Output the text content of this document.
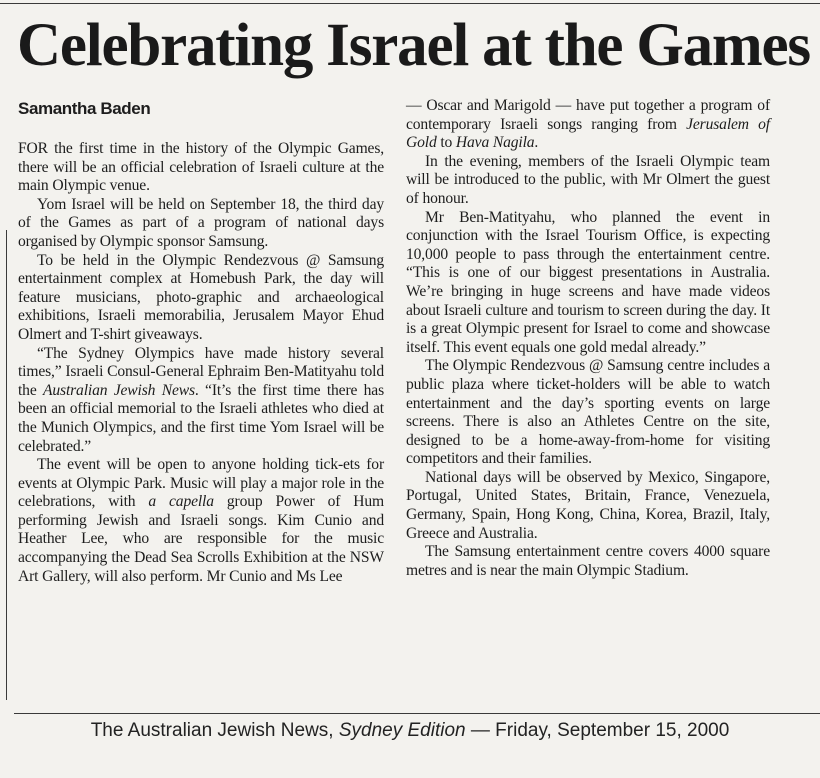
Celebrating Israel at the Games
Samantha Baden

FOR the first time in the history of the Olympic Games, there will be an official celebration of Israeli culture at the main Olympic venue.

Yom Israel will be held on September 18, the third day of the Games as part of a program of national days organised by Olympic sponsor Samsung.

To be held in the Olympic Rendezvous @ Samsung entertainment complex at Homebush Park, the day will feature musicians, photo-graphic and archaeological exhibitions, Israeli memorabilia, Jerusalem Mayor Ehud Olmert and T-shirt giveaways.

“The Sydney Olympics have made history several times,” Israeli Consul-General Ephraim Ben-Matityahu told the Australian Jewish News. “It’s the first time there has been an official memorial to the Israeli athletes who died at the Munich Olympics, and the first time Yom Israel will be celebrated.”

The event will be open to anyone holding tick-ets for events at Olympic Park. Music will play a major role in the celebrations, with a capella group Power of Hum performing Jewish and Israeli songs. Kim Cunio and Heather Lee, who are responsible for the music accompanying the Dead Sea Scrolls Exhibition at the NSW Art Gallery, will also perform. Mr Cunio and Ms Lee

— Oscar and Marigold — have put together a program of contemporary Israeli songs ranging from Jerusalem of Gold to Hava Nagila.

In the evening, members of the Israeli Olympic team will be introduced to the public, with Mr Olmert the guest of honour.

Mr Ben-Matityahu, who planned the event in conjunction with the Israel Tourism Office, is expecting 10,000 people to pass through the entertainment centre. “This is one of our biggest presentations in Australia. We’re bringing in huge screens and have made videos about Israeli culture and tourism to screen during the day. It is a great Olympic present for Israel to come and showcase itself. This event equals one gold medal already.”

The Olympic Rendezvous @ Samsung centre includes a public plaza where ticket-holders will be able to watch entertainment and the day’s sporting events on large screens. There is also an Athletes Centre on the site, designed to be a home-away-from-home for visiting competitors and their families.

National days will be observed by Mexico, Singapore, Portugal, United States, Britain, France, Venezuela, Germany, Spain, Hong Kong, China, Korea, Brazil, Italy, Greece and Australia.

The Samsung entertainment centre covers 4000 square metres and is near the main Olympic Stadium.

The Australian Jewish News, Sydney Edition — Friday, September 15, 2000
